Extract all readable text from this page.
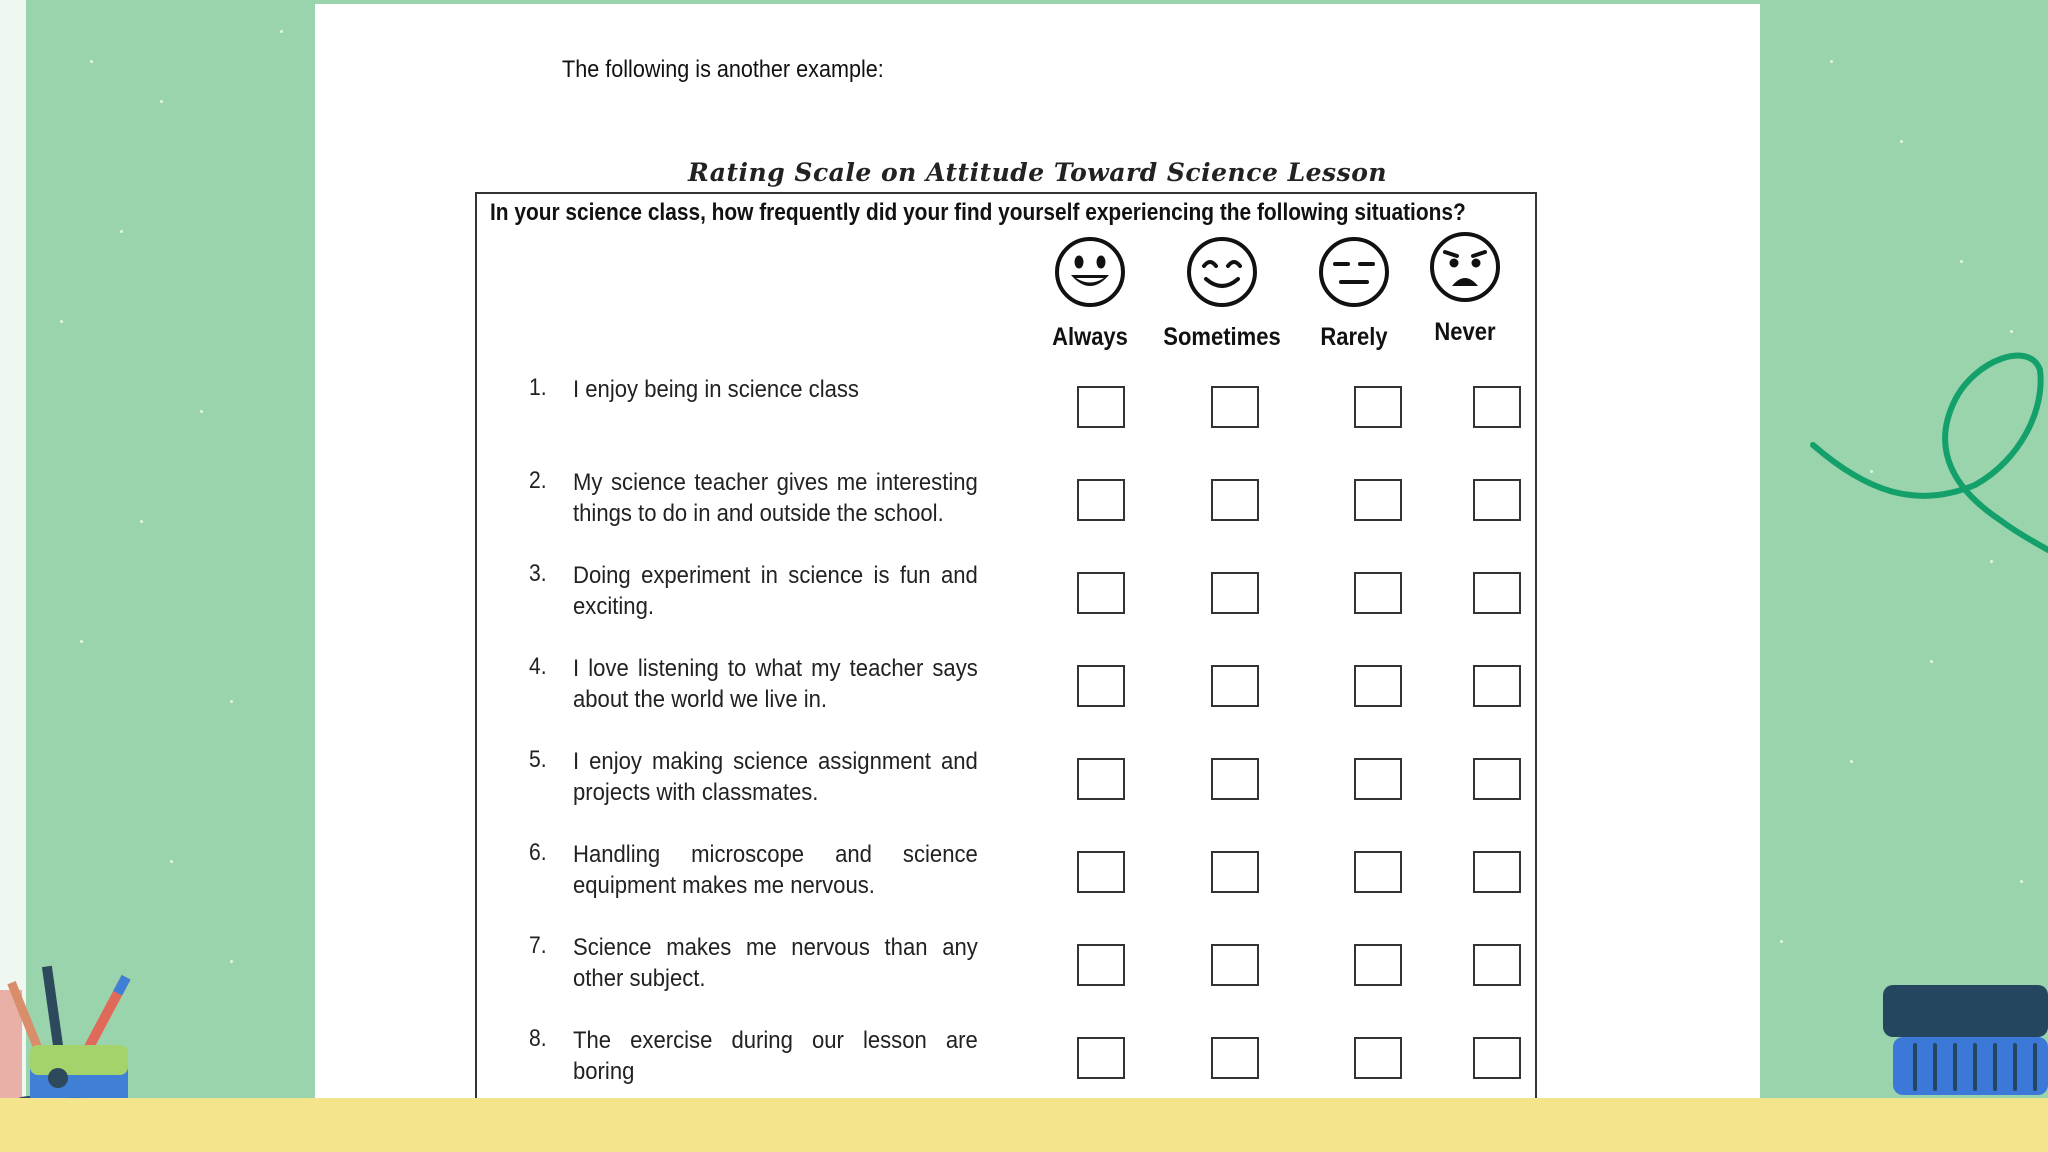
The following is another example:
Rating Scale on Attitude Toward Science Lesson
In your science class, how frequently did your find yourself experiencing the following situations?
Always	Sometimes	Rarely	Never
1. I enjoy being in science class
2. My science teacher gives me interesting things to do in and outside the school.
3. Doing experiment in science is fun and exciting.
4. I love listening to what my teacher says about the world we live in.
5. I enjoy making science assignment and projects with classmates.
6. Handling microscope and science equipment makes me nervous.
7. Science makes me nervous than any other subject.
8. The exercise during our lesson are boring
